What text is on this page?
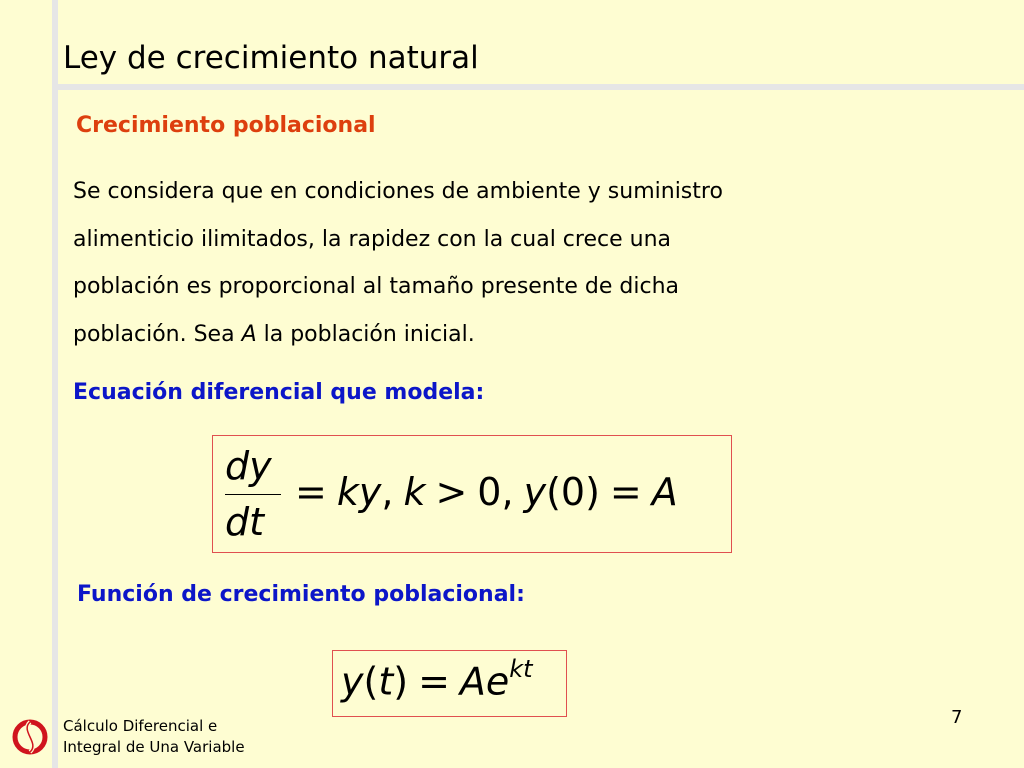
Ley de crecimiento natural
Crecimiento poblacional
Se considera que en condiciones de ambiente y suministro
alimenticio ilimitados, la rapidez con la cual crece una
población es proporcional al tamaño presente de dicha
población. Sea A la población inicial.
Ecuación diferencial que modela:
dy
dt
= ky, k > 0, y(0) = A
Función de crecimiento poblacional:
$y(t) = Ae^{kt}$
7
Cálculo Diferencial e
Integral de Una Variable
